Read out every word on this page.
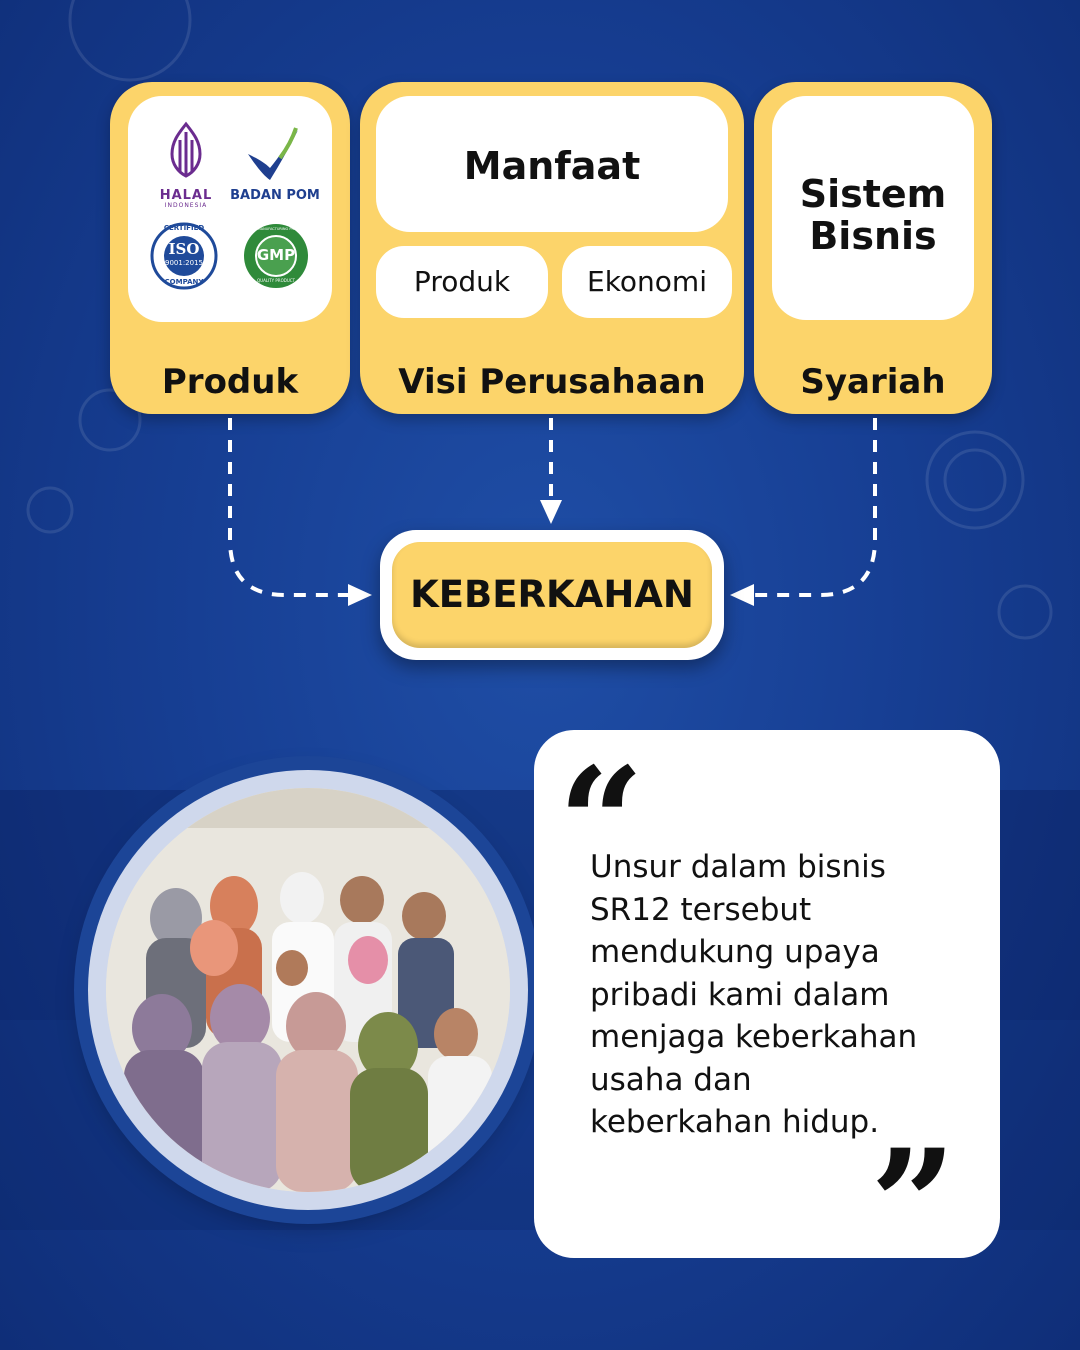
HALAL
INDONESIA
BADAN POM
CERTIFIED
ISO
9001:2015
COMPANY
GMP
GOOD MANUFACTURING PRACTICE
QUALITY PRODUCT
Produk
Manfaat
Produk	Ekonomi
Visi Perusahaan
Sistem
Bisnis
Syariah
KEBERKAHAN
“
Unsur dalam bisnis
SR12 tersebut
mendukung upaya
pribadi kami dalam
menjaga keberkahan
usaha dan
keberkahan hidup.
”
